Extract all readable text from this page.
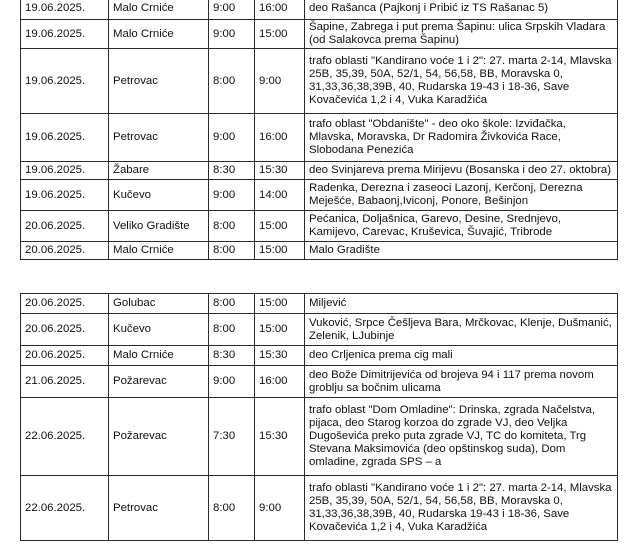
19.06.2025.	Malo Crniće	9:00	16:00	deo Rašanca (Pajkonj i Pribić iz TS Rašanac 5)
19.06.2025.	Malo Crniće	9:00	15:00	Šapine, Zabrega i put prema Šapinu: ulica Srpskih Vladara (od Salakovca prema Šapinu)
19.06.2025.	Petrovac	8:00	9:00	trafo oblasti "Kandirano voće 1 i 2": 27. marta 2-14, Mlavska 25B, 35,39, 50A, 52/1, 54, 56,58, BB, Moravska 0, 31,33,36,38,39B, 40, Rudarska 19-43 i 18-36, Save Kovačevića 1,2 i 4, Vuka Karadžića
19.06.2025.	Petrovac	9:00	16:00	trafo oblast "Obdanište" - deo oko škole: Izviđačka, Mlavska, Moravska, Dr Radomira Živkovića Race, Slobodana Penezića
19.06.2025.	Žabare	8:30	15:30	deo Svinjareva prema Mirijevu (Bosanska i deo 27. oktobra)
19.06.2025.	Kučevo	9:00	14:00	Radenka, Derezna i zaseoci Lazonj, Kerčonj, Derezna Meješće, Babaonj,Iviconj, Ponore, Bešinjon
20.06.2025.	Veliko Gradište	8:00	15:00	Pećanica, Doljašnica, Garevo, Desine, Srednjevo, Kamijevo, Carevac, Kruševica, Šuvajić, Tribrode
20.06.2025.	Malo Crniće	8:00	15:00	Malo Gradište
20.06.2025.	Golubac	8:00	15:00	Miljević
20.06.2025.	Kučevo	8:00	15:00	Vuković, Srpce Češljeva Bara, Mrčkovac, Klenje, Dušmanić, Zelenik, LJubinje
20.06.2025.	Malo Crniće	8:30	15:30	deo Crljenica prema cig mali
21.06.2025.	Požarevac	9:00	16:00	deo Bože Dimitrijevića od brojeva 94 i 117 prema novom groblju sa bočnim ulicama
22.06.2025.	Požarevac	7:30	15:30	trafo oblast "Dom Omladine": Drinska, zgrada Načelstva, pijaca, deo Starog korzoa do zgrade VJ, deo Veljka Dugoševića preko puta zgrade VJ, TC do komiteta, Trg Stevana Maksimovića (deo opštinskog suda), Dom omladine, zgrada SPS – a
22.06.2025.	Petrovac	8:00	9:00	trafo oblasti "Kandirano voće 1 i 2": 27. marta 2-14, Mlavska 25B, 35,39, 50A, 52/1, 54, 56,58, BB, Moravska 0, 31,33,36,38,39B, 40, Rudarska 19-43 i 18-36, Save Kovačevića 1,2 i 4, Vuka Karadžića
